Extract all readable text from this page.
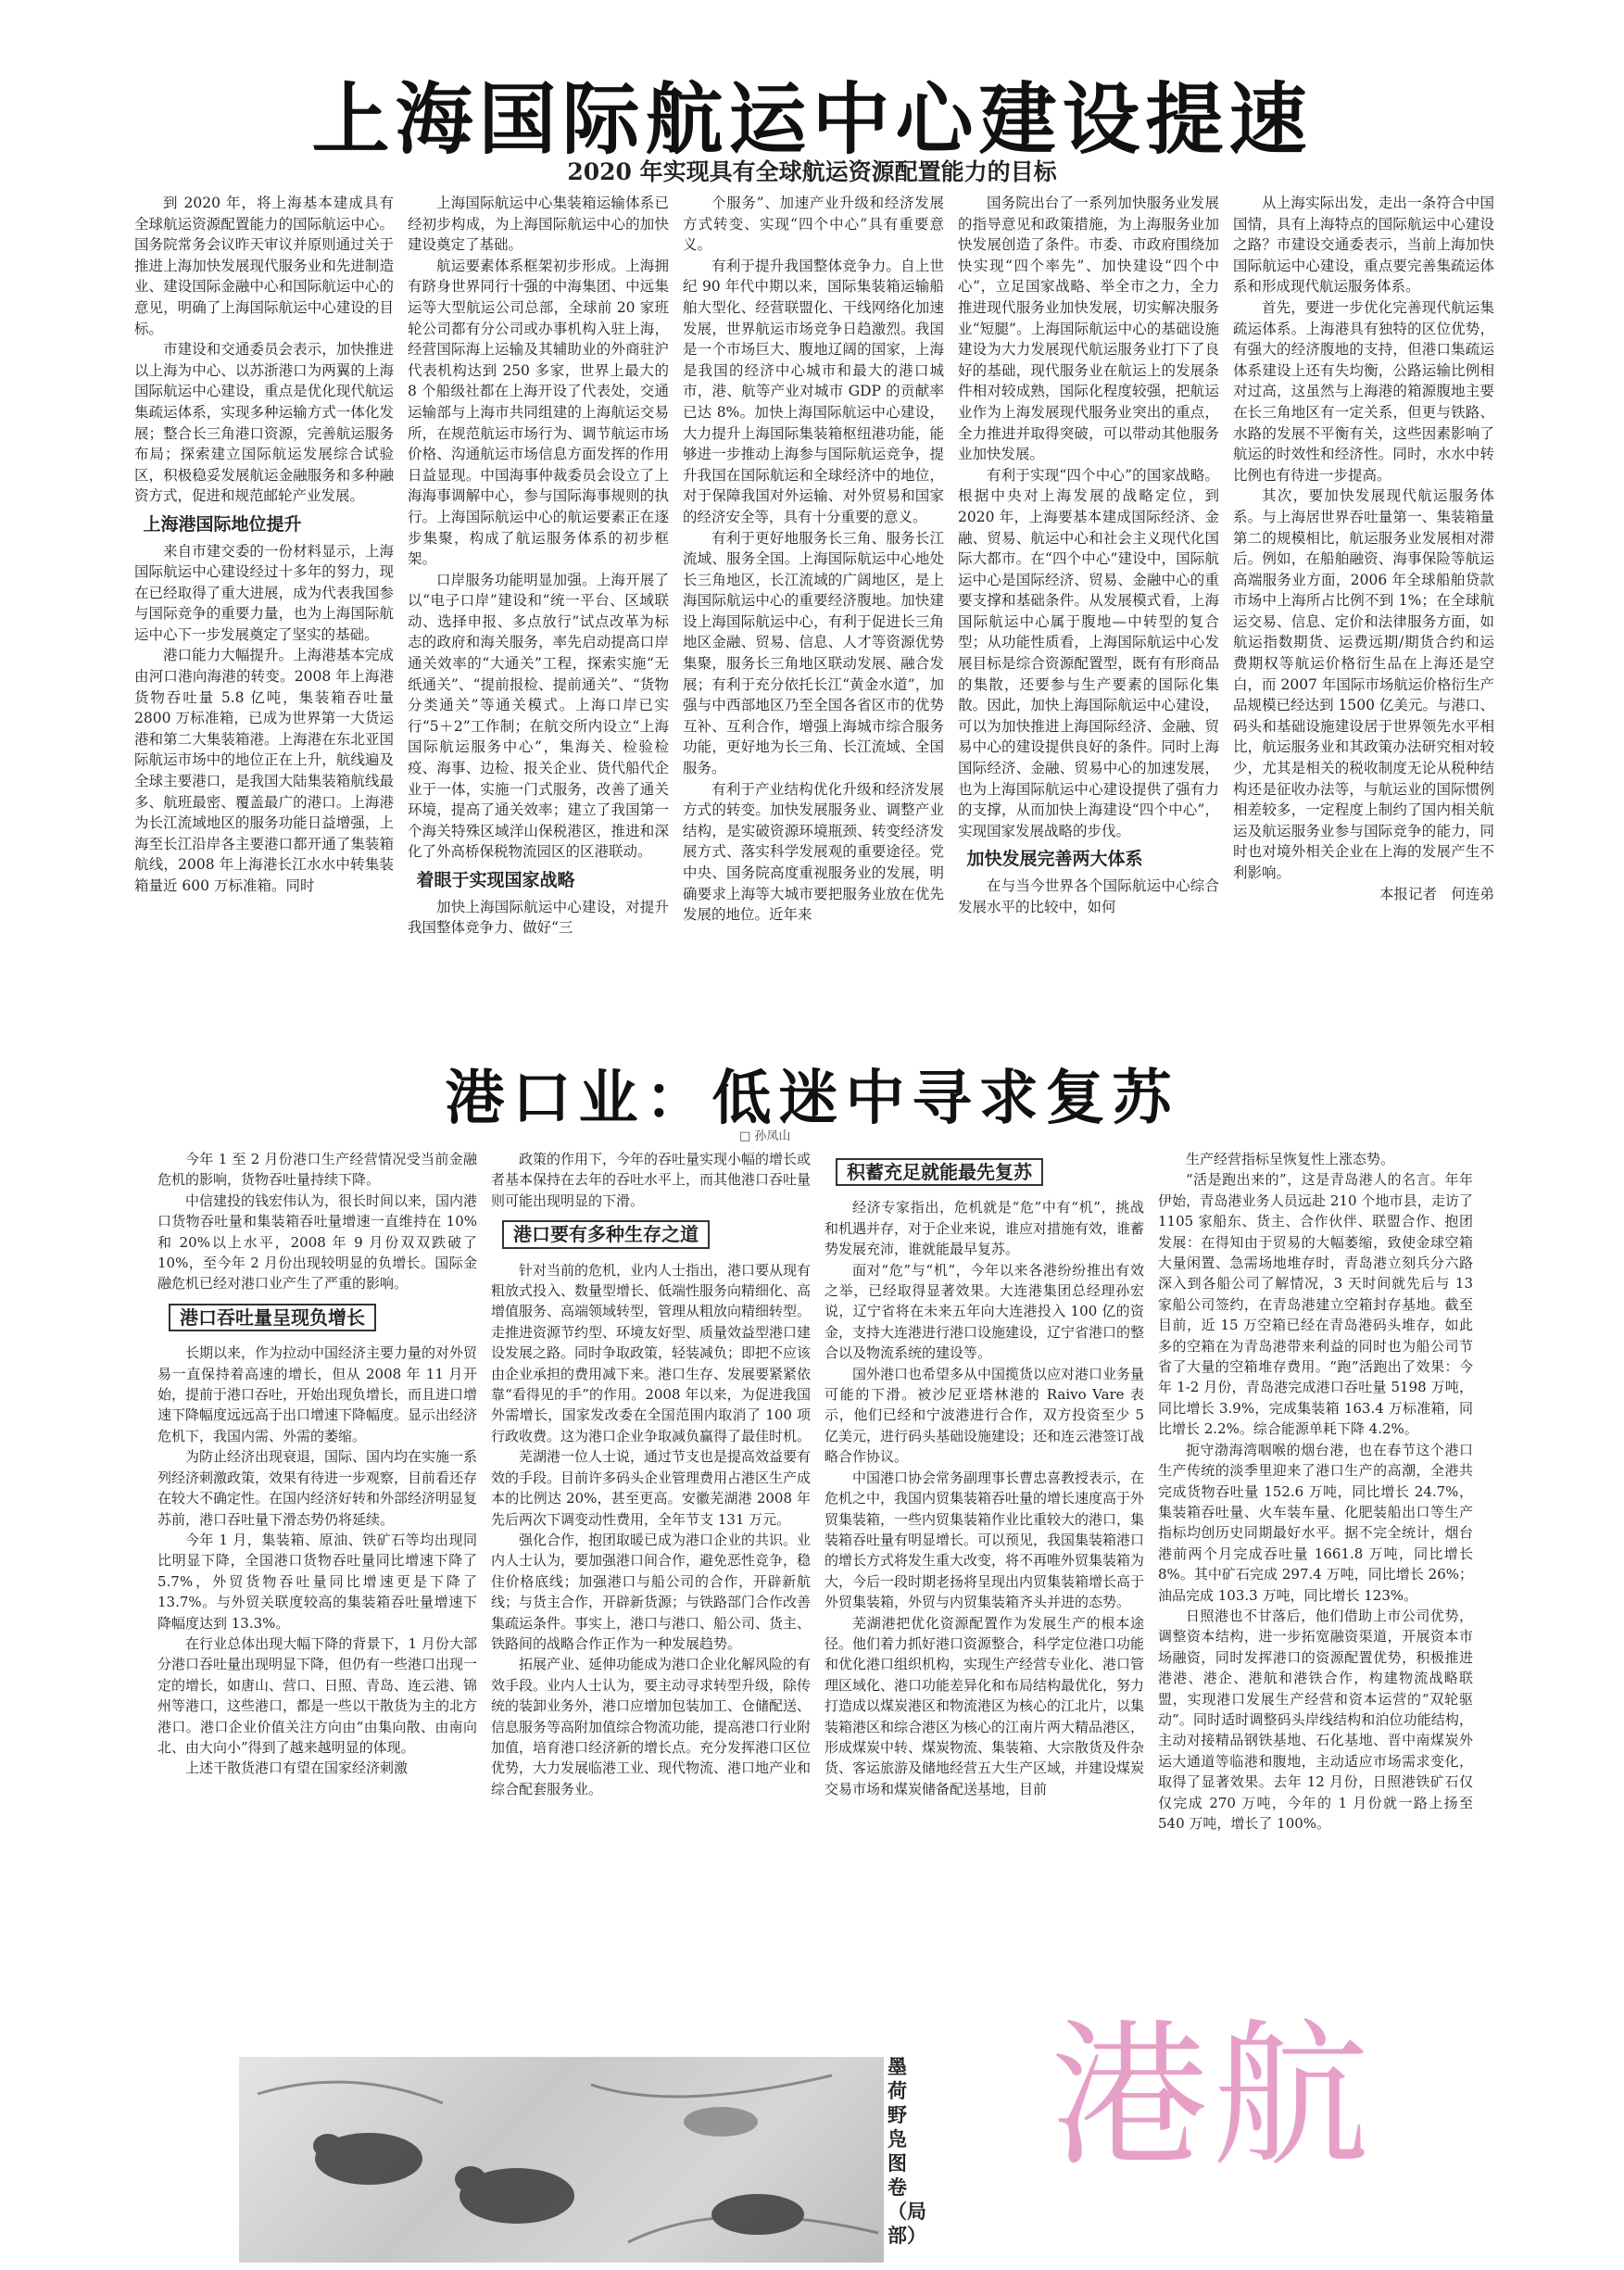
上海国际航运中心建设提速
2020 年实现具有全球航运资源配置能力的目标

到 2020 年，将上海基本建成具有全球航运资源配置能力的国际航运中心。国务院常务会议昨天审议并原则通过关于推进上海加快发展现代服务业和先进制造业、建设国际金融中心和国际航运中心的意见，明确了上海国际航运中心建设的目标。

市建设和交通委员会表示，加快推进以上海为中心、以苏浙港口为两翼的上海国际航运中心建设，重点是优化现代航运集疏运体系，实现多种运输方式一体化发展；整合长三角港口资源，完善航运服务布局；探索建立国际航运发展综合试验区，积极稳妥发展航运金融服务和多种融资方式，促进和规范邮轮产业发展。

上海港国际地位提升

来自市建交委的一份材料显示，上海国际航运中心建设经过十多年的努力，现在已经取得了重大进展，成为代表我国参与国际竞争的重要力量，也为上海国际航运中心下一步发展奠定了坚实的基础。

港口能力大幅提升。上海港基本完成由河口港向海港的转变。2008 年上海港货物吞吐量 5.8 亿吨，集装箱吞吐量 2800 万标准箱，已成为世界第一大货运港和第二大集装箱港。上海港在东北亚国际航运市场中的地位正在上升，航线遍及全球主要港口，是我国大陆集装箱航线最多、航班最密、覆盖最广的港口。上海港为长江流域地区的服务功能日益增强，上海至长江沿岸各主要港口都开通了集装箱航线，2008 年上海港长江水水中转集装箱量近 600 万标准箱。同时

上海国际航运中心集装箱运输体系已经初步构成，为上海国际航运中心的加快建设奠定了基础。

航运要素体系框架初步形成。上海拥有跻身世界同行十强的中海集团、中远集运等大型航运公司总部，全球前 20 家班轮公司都有分公司或办事机构入驻上海，经营国际海上运输及其辅助业的外商驻沪代表机构达到 250 多家，世界上最大的 8 个船级社都在上海开设了代表处，交通运输部与上海市共同组建的上海航运交易所，在规范航运市场行为、调节航运市场价格、沟通航运市场信息方面发挥的作用日益显现。中国海事仲裁委员会设立了上海海事调解中心，参与国际海事规则的执行。上海国际航运中心的航运要素正在逐步集聚，构成了航运服务体系的初步框架。

口岸服务功能明显加强。上海开展了以“电子口岸”建设和“统一平台、区域联动、选择申报、多点放行”试点改革为标志的政府和海关服务，率先启动提高口岸通关效率的“大通关”工程，探索实施“无纸通关”、“提前报检、提前通关”、“货物分类通关”等通关模式。上海口岸已实行“5＋2”工作制；在航交所内设立“上海国际航运服务中心”，集海关、检验检疫、海事、边检、报关企业、货代船代企业于一体，实施一门式服务，改善了通关环境，提高了通关效率；建立了我国第一个海关特殊区域洋山保税港区，推进和深化了外高桥保税物流园区的区港联动。

着眼于实现国家战略

加快上海国际航运中心建设，对提升我国整体竞争力、做好“三

个服务”、加速产业升级和经济发展方式转变、实现“四个中心”具有重要意义。

有利于提升我国整体竞争力。自上世纪 90 年代中期以来，国际集装箱运输船舶大型化、经营联盟化、干线网络化加速发展，世界航运市场竞争日趋激烈。我国是一个市场巨大、腹地辽阔的国家，上海是我国的经济中心城市和最大的港口城市，港、航等产业对城市 GDP 的贡献率已达 8%。加快上海国际航运中心建设，大力提升上海国际集装箱枢纽港功能，能够进一步推动上海参与国际航运竞争，提升我国在国际航运和全球经济中的地位，对于保障我国对外运输、对外贸易和国家的经济安全等，具有十分重要的意义。

有利于更好地服务长三角、服务长江流域、服务全国。上海国际航运中心地处长三角地区，长江流域的广阔地区，是上海国际航运中心的重要经济腹地。加快建设上海国际航运中心，有利于促进长三角地区金融、贸易、信息、人才等资源优势集聚，服务长三角地区联动发展、融合发展；有利于充分依托长江“黄金水道”，加强与中西部地区乃至全国各省区市的优势互补、互利合作，增强上海城市综合服务功能，更好地为长三角、长江流域、全国服务。

有利于产业结构优化升级和经济发展方式的转变。加快发展服务业、调整产业结构，是实破资源环境瓶颈、转变经济发展方式、落实科学发展观的重要途径。党中央、国务院高度重视服务业的发展，明确要求上海等大城市要把服务业放在优先发展的地位。近年来

国务院出台了一系列加快服务业发展的指导意见和政策措施，为上海服务业加快发展创造了条件。市委、市政府围绕加快实现“四个率先”、加快建设“四个中心”，立足国家战略、举全市之力，全力推进现代服务业加快发展，切实解决服务业“短腿”。上海国际航运中心的基础设施建设为大力发展现代航运服务业打下了良好的基础，现代服务业在航运上的发展条件相对较成熟，国际化程度较强，把航运业作为上海发展现代服务业突出的重点，全力推进并取得突破，可以带动其他服务业加快发展。

有利于实现“四个中心”的国家战略。根据中央对上海发展的战略定位，到 2020 年，上海要基本建成国际经济、金融、贸易、航运中心和社会主义现代化国际大都市。在“四个中心”建设中，国际航运中心是国际经济、贸易、金融中心的重要支撑和基础条件。从发展模式看，上海国际航运中心属于腹地—中转型的复合型；从功能性质看，上海国际航运中心发展目标是综合资源配置型，既有有形商品的集散，还要参与生产要素的国际化集散。因此，加快上海国际航运中心建设，可以为加快推进上海国际经济、金融、贸易中心的建设提供良好的条件。同时上海国际经济、金融、贸易中心的加速发展，也为上海国际航运中心建设提供了强有力的支撑，从而加快上海建设“四个中心”，实现国家发展战略的步伐。

加快发展完善两大体系

在与当今世界各个国际航运中心综合发展水平的比较中，如何

从上海实际出发，走出一条符合中国国情，具有上海特点的国际航运中心建设之路？市建设交通委表示，当前上海加快国际航运中心建设，重点要完善集疏运体系和形成现代航运服务体系。

首先，要进一步优化完善现代航运集疏运体系。上海港具有独特的区位优势，有强大的经济腹地的支持，但港口集疏运体系建设上还有失均衡，公路运输比例相对过高，这虽然与上海港的箱源腹地主要在长三角地区有一定关系，但更与铁路、水路的发展不平衡有关，这些因素影响了航运的时效性和经济性。同时，水水中转比例也有待进一步提高。

其次，要加快发展现代航运服务体系。与上海居世界吞吐量第一、集装箱量第二的规模相比，航运服务业发展相对滞后。例如，在船舶融资、海事保险等航运高端服务业方面，2006 年全球船舶贷款市场中上海所占比例不到 1%；在全球航运交易、信息、定价和法律服务方面，如航运指数期货、运费远期/期货合约和运费期权等航运价格衍生品在上海还是空白，而 2007 年国际市场航运价格衍生产品规模已经达到 1500 亿美元。与港口、码头和基础设施建设居于世界领先水平相比，航运服务业和其政策办法研究相对较少，尤其是相关的税收制度无论从税种结构还是征收办法等，与航运业的国际惯例相差较多，一定程度上制约了国内相关航运及航运服务业参与国际竞争的能力，同时也对境外相关企业在上海的发展产生不利影响。

本报记者　何连弟

港口业：低迷中寻求复苏
□ 孙凤山

今年 1 至 2 月份港口生产经营情况受当前金融危机的影响，货物吞吐量持续下降。

中信建投的钱宏伟认为，很长时间以来，国内港口货物吞吐量和集装箱吞吐量增速一直维持在 10%和 20%以上水平，2008 年 9 月份双双跌破了 10%，至今年 2 月份出现较明显的负增长。国际金融危机已经对港口业产生了严重的影响。

港口吞吐量呈现负增长

长期以来，作为拉动中国经济主要力量的对外贸易一直保持着高速的增长，但从 2008 年 11 月开始，提前于港口吞吐，开始出现负增长，而且进口增速下降幅度远远高于出口增速下降幅度。显示出经济危机下，我国内需、外需的萎缩。

为防止经济出现衰退，国际、国内均在实施一系列经济刺激政策，效果有待进一步观察，目前看还存在较大不确定性。在国内经济好转和外部经济明显复苏前，港口吞吐量下滑态势仍将延续。

今年 1 月，集装箱、原油、铁矿石等均出现同比明显下降，全国港口货物吞吐量同比增速下降了 5.7%，外贸货物吞吐量同比增速更是下降了 13.7%。与外贸关联度较高的集装箱吞吐量增速下降幅度达到 13.3%。

在行业总体出现大幅下降的背景下，1 月份大部分港口吞吐量出现明显下降，但仍有一些港口出现一定的增长，如唐山、营口、日照、青岛、连云港、锦州等港口，这些港口，都是一些以干散货为主的北方港口。港口企业价值关注方向由“由集向散、由南向北、由大向小”得到了越来越明显的体现。

上述干散货港口有望在国家经济刺激

政策的作用下，今年的吞吐量实现小幅的增长或者基本保持在去年的吞吐水平上，而其他港口吞吐量则可能出现明显的下滑。

港口要有多种生存之道

针对当前的危机，业内人士指出，港口要从现有粗放式投入、数量型增长、低端性服务向精细化、高增值服务、高端领域转型，管理从粗放向精细转型。走推进资源节约型、环境友好型、质量效益型港口建设发展之路。同时争取政策，轻装减负；即把不应该由企业承担的费用减下来。港口生存、发展要紧紧依靠“看得见的手”的作用。2008 年以来，为促进我国外需增长，国家发改委在全国范围内取消了 100 项行政收费。这为港口企业争取减负赢得了最佳时机。

芜湖港一位人士说，通过节支也是提高效益要有效的手段。目前许多码头企业管理费用占港区生产成本的比例达 20%，甚至更高。安徽芜湖港 2008 年先后两次下调变动性费用，全年节支 131 万元。

强化合作，抱团取暖已成为港口企业的共识。业内人士认为，要加强港口间合作，避免恶性竞争，稳住价格底线；加强港口与船公司的合作，开辟新航线；与货主合作，开辟新货源；与铁路部门合作改善集疏运条件。事实上，港口与港口、船公司、货主、铁路间的战略合作正作为一种发展趋势。

拓展产业、延伸功能成为港口企业化解风险的有效手段。业内人士认为，要主动寻求转型升级，除传统的装卸业务外，港口应增加包装加工、仓储配送、信息服务等高附加值综合物流功能，提高港口行业附加值，培育港口经济新的增长点。充分发挥港口区位优势，大力发展临港工业、现代物流、港口地产业和综合配套服务业。

积蓄充足就能最先复苏

经济专家指出，危机就是“危”中有“机”，挑战和机遇并存，对于企业来说，谁应对措施有效，谁蓄势发展充沛，谁就能最早复苏。

面对“危”与“机”，今年以来各港纷纷推出有效之举，已经取得显著效果。大连港集团总经理孙宏说，辽宁省将在未来五年向大连港投入 100 亿的资金，支持大连港进行港口设施建设，辽宁省港口的整合以及物流系统的建设等。

国外港口也希望多从中国揽货以应对港口业务量可能的下滑。被沙尼亚塔林港的 Raivo Vare 表示，他们已经和宁波港进行合作，双方投资至少 5 亿美元，进行码头基础设施建设；还和连云港签订战略合作协议。

中国港口协会常务副理事长曹忠喜教授表示，在危机之中，我国内贸集装箱吞吐量的增长速度高于外贸集装箱，一些内贸集装箱作业比重较大的港口，集装箱吞吐量有明显增长。可以预见，我国集装箱港口的增长方式将发生重大改变，将不再唯外贸集装箱为大，今后一段时期老扬将呈现出内贸集装箱增长高于外贸集装箱，外贸与内贸集装箱齐头并进的态势。

芜湖港把优化资源配置作为发展生产的根本途径。他们着力抓好港口资源整合，科学定位港口功能和优化港口组织机构，实现生产经营专业化、港口管理区域化、港口功能差异化和布局结构最优化，努力打造成以煤炭港区和物流港区为核心的江北片，以集装箱港区和综合港区为核心的江南片两大精品港区，形成煤炭中转、煤炭物流、集装箱、大宗散货及件杂货、客运旅游及储地经营五大生产区域，并建设煤炭交易市场和煤炭储备配送基地，目前

生产经营指标呈恢复性上涨态势。

“活是跑出来的”，这是青岛港人的名言。年年伊始，青岛港业务人员远赴 210 个地市县，走访了 1105 家船东、货主、合作伙伴、联盟合作、抱团发展：在得知由于贸易的大幅萎缩，致使金球空箱大量闲置、急需场地堆存时，青岛港立刻兵分六路深入到各船公司了解情况，3 天时间就先后与 13 家船公司签约，在青岛港建立空箱封存基地。截至目前，近 15 万空箱已经在青岛港码头堆存，如此多的空箱在为青岛港带来利益的同时也为船公司节省了大量的空箱堆存费用。“跑”活跑出了效果：今年 1-2 月份，青岛港完成港口吞吐量 5198 万吨，同比增长 3.9%，完成集装箱 163.4 万标准箱，同比增长 2.2%。综合能源单耗下降 4.2%。

扼守渤海湾咽喉的烟台港，也在春节这个港口生产传统的淡季里迎来了港口生产的高潮，全港共完成货物吞吐量 152.6 万吨，同比增长 24.7%，集装箱吞吐量、火车装车量、化肥装船出口等生产指标均创历史同期最好水平。据不完全统计，烟台港前两个月完成吞吐量 1661.8 万吨，同比增长 8%。其中矿石完成 297.4 万吨，同比增长 26%；油品完成 103.3 万吨，同比增长 123%。

日照港也不甘落后，他们借助上市公司优势，调整资本结构，进一步拓宽融资渠道，开展资本市场融资，同时发挥港口的资源配置优势，积极推进港港、港企、港航和港铁合作，构建物流战略联盟，实现港口发展生产经营和资本运营的“双轮驱动”。同时适时调整码头岸线结构和泊位功能结构，主动对接精品钢铁基地、石化基地、晋中南煤炭外运大通道等临港和腹地，主动适应市场需求变化，取得了显著效果。去年 12 月份，日照港铁矿石仅仅完成 270 万吨，今年的 1 月份就一路上扬至 540 万吨，增长了 100%。

墨荷野凫图卷（局部）
港航
